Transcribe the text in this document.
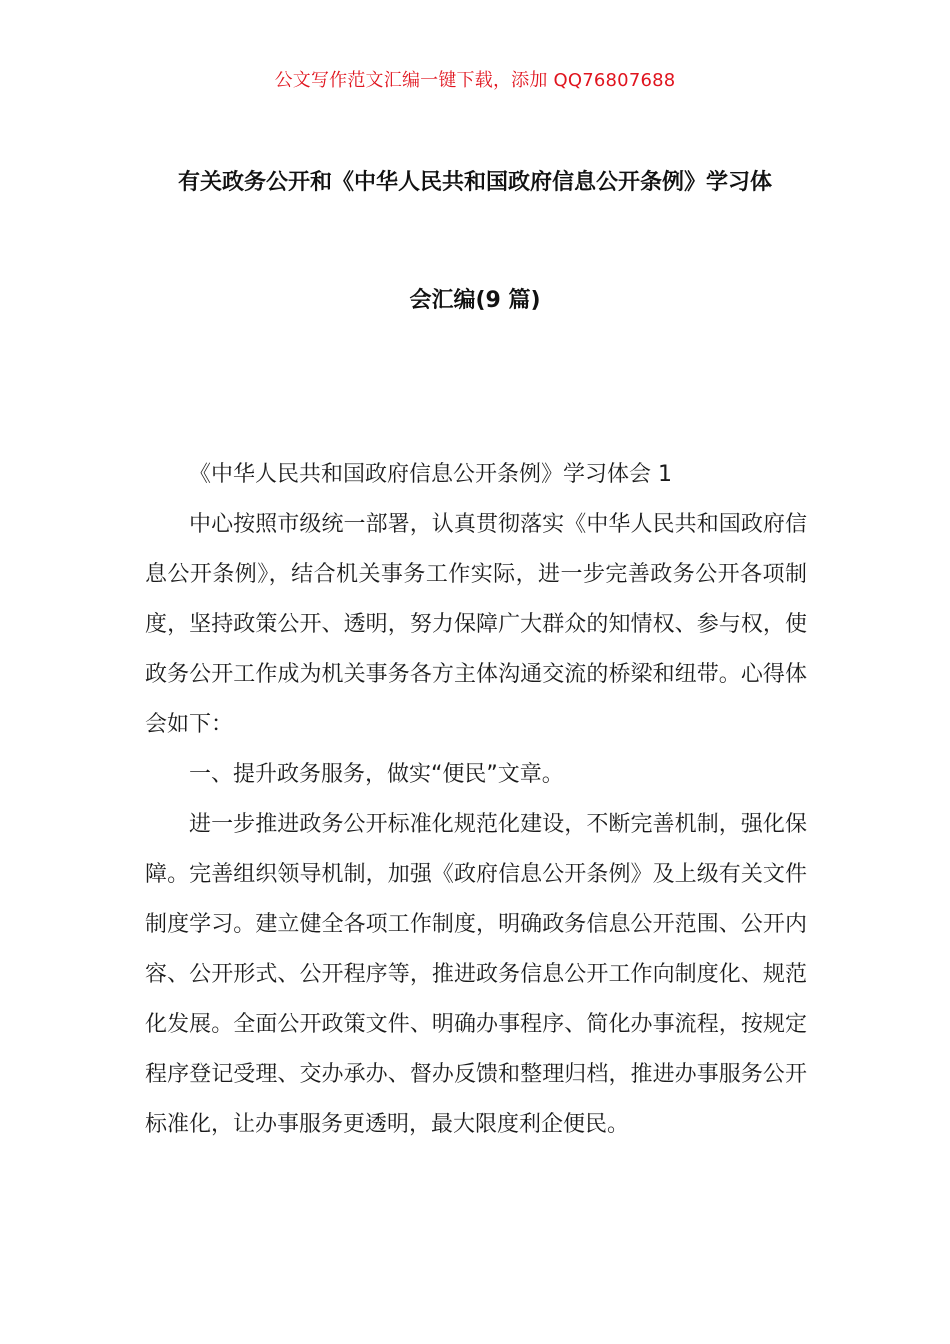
公文写作范文汇编一键下载，添加 QQ76807688
有关政务公开和《中华人民共和国政府信息公开条例》学习体
会汇编(9 篇)

《中华人民共和国政府信息公开条例》学习体会 1

中心按照市级统一部署，认真贯彻落实《中华人民共和国政府信息公开条例》，结合机关事务工作实际，进一步完善政务公开各项制度，坚持政策公开、透明，努力保障广大群众的知情权、参与权，使政务公开工作成为机关事务各方主体沟通交流的桥梁和纽带。心得体会如下：

一、提升政务服务，做实“便民”文章。

进一步推进政务公开标准化规范化建设，不断完善机制，强化保障。完善组织领导机制，加强《政府信息公开条例》及上级有关文件制度学习。建立健全各项工作制度，明确政务信息公开范围、公开内容、公开形式、公开程序等，推进政务信息公开工作向制度化、规范化发展。全面公开政策文件、明确办事程序、简化办事流程，按规定程序登记受理、交办承办、督办反馈和整理归档，推进办事服务公开标准化，让办事服务更透明，最大限度利企便民。
